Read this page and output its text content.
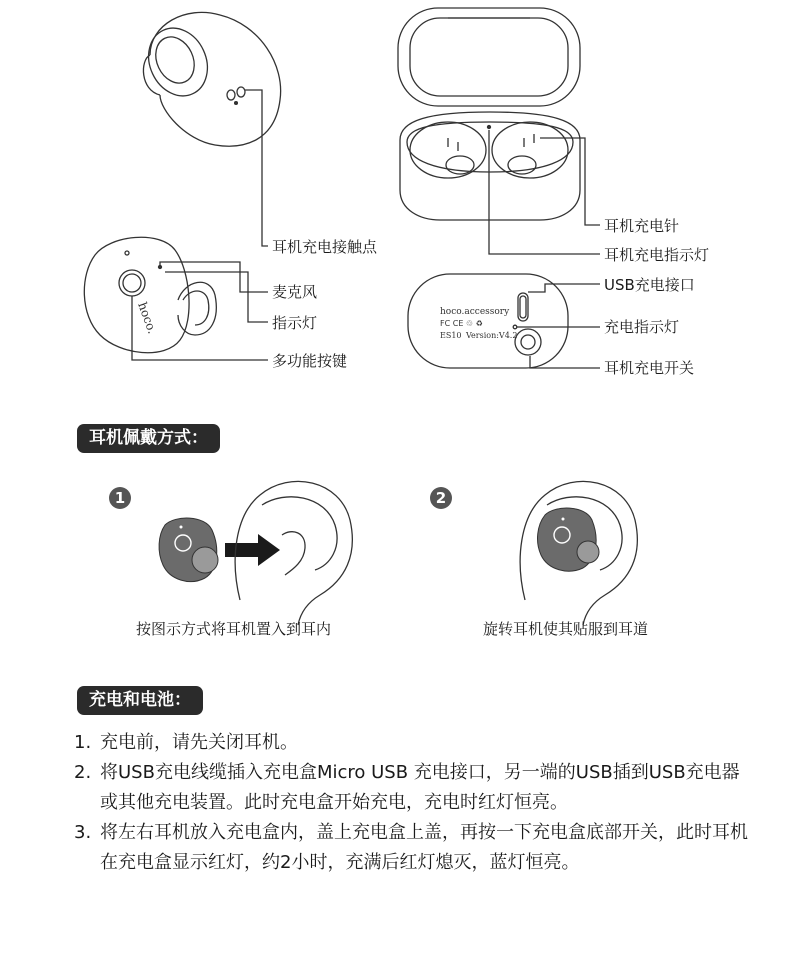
hoco.accessory
FC CE ♲ ♻
ES10 Version:V4.2
hoco.
耳机充电接触点
麦克风
指示灯
多功能按键
耳机充电针
耳机充电指示灯
USB充电接口
充电指示灯
耳机充电开关
耳机佩戴方式：
1	2
按图示方式将耳机置入到耳内	旋转耳机使其贴服到耳道
充电和电池：
1. 充电前，请先关闭耳机。
2. 将USB充电线缆插入充电盒Micro USB 充电接口，另一端的USB插到USB充电器或其他充电装置。此时充电盒开始充电，充电时红灯恒亮。
3. 将左右耳机放入充电盒内，盖上充电盒上盖，再按一下充电盒底部开关，此时耳机在充电盒显示红灯，约2小时，充满后红灯熄灭，蓝灯恒亮。
